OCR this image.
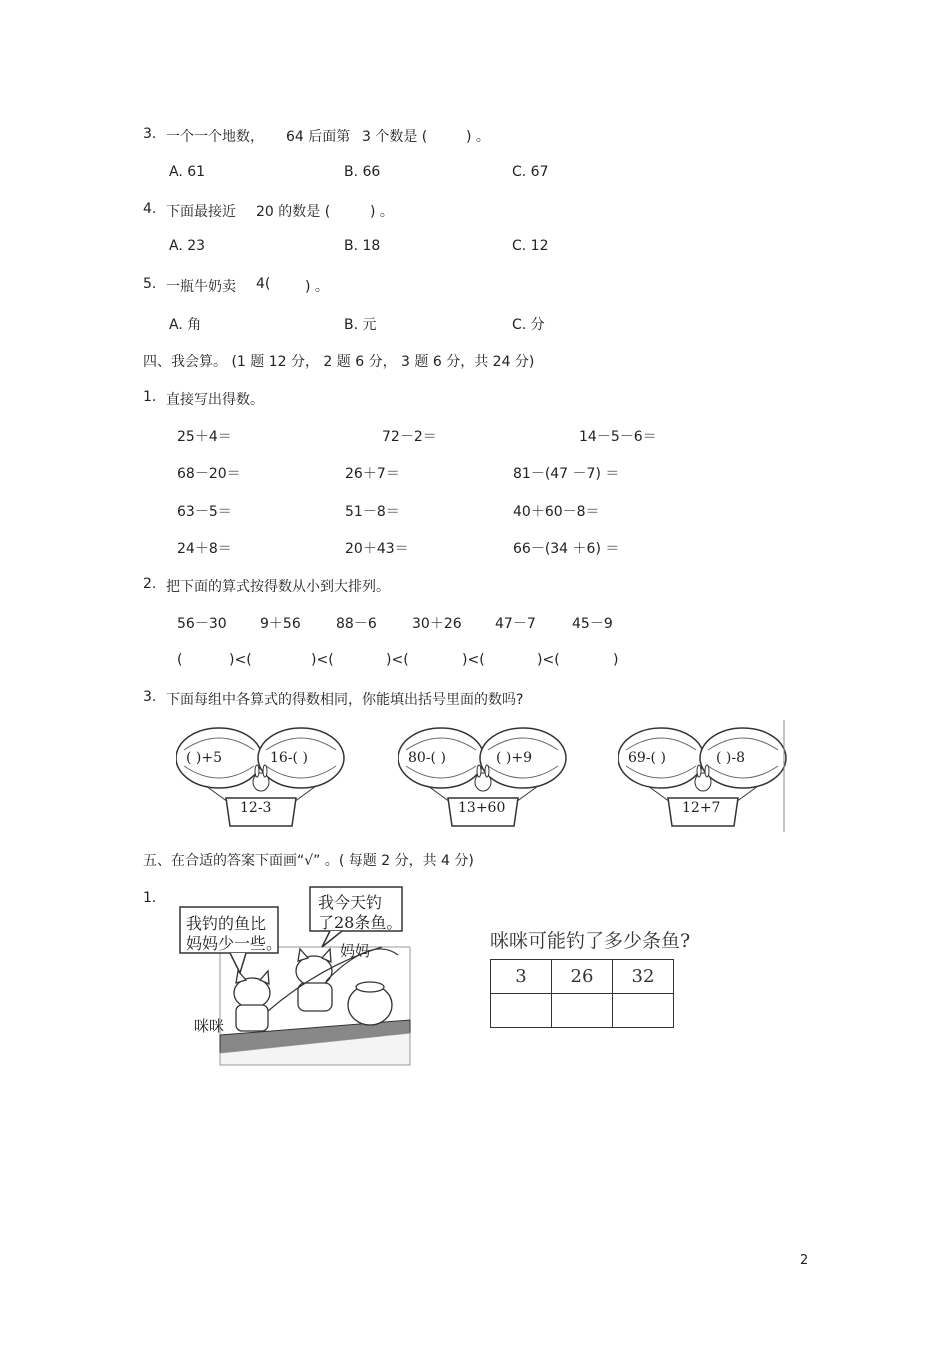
3. 一个一个地数， 64 后面第 3 个数是 (	) 。
A. 61	B. 66	C. 67
4. 下面最接近 20 的数是 (	) 。
A. 23	B. 18	C. 12
5. 一瓶牛奶卖 4( ) 。
A. 角	B. 元	C. 分
四、我会算。 (1 题 12 分， 2 题 6 分， 3 题 6 分，共 24 分)
1. 直接写出得数。
25＋4＝	72－2＝	14－5－6＝
68－20＝	26＋7＝	81－(47 －7) ＝
63－5＝	51－8＝	40＋60－8＝
24＋8＝	20＋43＝	66－(34 ＋6) ＝
2. 把下面的算式按得数从小到大排列。
56－30 9＋56	88－6	30＋26 47－7	45－9
(	)<(	)<(	)<(	)<(	)<(	)
3. 下面每组中各算式的得数相同，你能填出括号里面的数吗?
( )+5	16-( )
12-3
80-( )	( )+9
13+60
69-( )	( )-8
12+7
五、在合适的答案下面画“√” 。( 每题 2 分，共 4 分)
1.
我钓的鱼比
妈妈少一些。
我今天钓
了28条鱼。
妈妈
咪咪
咪咪可能钓了多少条鱼?
3	26	32

2
